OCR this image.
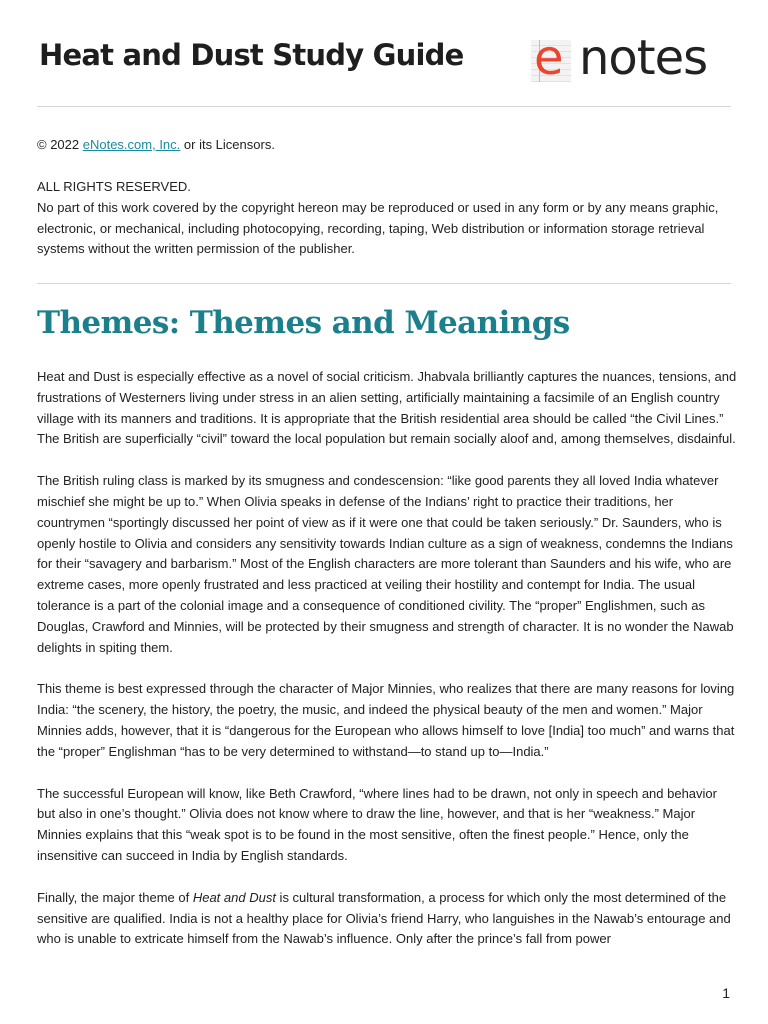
Heat and Dust Study Guide e notes
© 2022 eNotes.com, Inc. or its Licensors.

ALL RIGHTS RESERVED.
No part of this work covered by the copyright hereon may be reproduced or used in any form or by any means graphic, electronic, or mechanical, including photocopying, recording, taping, Web distribution or information storage retrieval systems without the written permission of the publisher.

Themes: Themes and Meanings

Heat and Dust is especially effective as a novel of social criticism. Jhabvala brilliantly captures the nuances, tensions, and frustrations of Westerners living under stress in an alien setting, artificially maintaining a facsimile of an English country village with its manners and traditions. It is appropriate that the British residential area should be called “the Civil Lines.” The British are superficially “civil” toward the local population but remain socially aloof and, among themselves, disdainful.

The British ruling class is marked by its smugness and condescension: “like good parents they all loved India whatever mischief she might be up to.” When Olivia speaks in defense of the Indians’ right to practice their traditions, her countrymen “sportingly discussed her point of view as if it were one that could be taken seriously.” Dr. Saunders, who is openly hostile to Olivia and considers any sensitivity towards Indian culture as a sign of weakness, condemns the Indians for their “savagery and barbarism.” Most of the English characters are more tolerant than Saunders and his wife, who are extreme cases, more openly frustrated and less practiced at veiling their hostility and contempt for India. The usual tolerance is a part of the colonial image and a consequence of conditioned civility. The “proper” Englishmen, such as Douglas, Crawford and Minnies, will be protected by their smugness and strength of character. It is no wonder the Nawab delights in spiting them.

This theme is best expressed through the character of Major Minnies, who realizes that there are many reasons for loving India: “the scenery, the history, the poetry, the music, and indeed the physical beauty of the men and women.” Major Minnies adds, however, that it is “dangerous for the European who allows himself to love [India] too much” and warns that the “proper” Englishman “has to be very determined to withstand—to stand up to—India.”

The successful European will know, like Beth Crawford, “where lines had to be drawn, not only in speech and behavior but also in one’s thought.” Olivia does not know where to draw the line, however, and that is her “weakness.” Major Minnies explains that this “weak spot is to be found in the most sensitive, often the finest people.” Hence, only the insensitive can succeed in India by English standards.

Finally, the major theme of Heat and Dust is cultural transformation, a process for which only the most determined of the sensitive are qualified. India is not a healthy place for Olivia’s friend Harry, who languishes in the Nawab’s entourage and who is unable to extricate himself from the Nawab’s influence. Only after the prince’s fall from power

1
